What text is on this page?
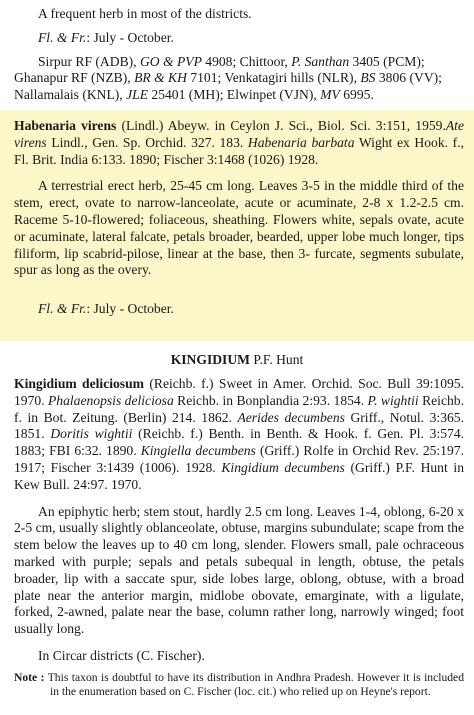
A frequent herb in most of the districts.

Fl. & Fr.: July - October.

Sirpur RF (ADB), GO & PVP 4908; Chittoor, P. Santhan 3405 (PCM);
Ghanapur RF (NZB), BR & KH 7101; Venkatagiri hills (NLR), BS 3806 (VV);
Nallamalais (KNL), JLE 25401 (MH); Elwinpet (VJN), MV 6995.

Habenaria virens (Lindl.) Abeyw. in Ceylon J. Sci., Biol. Sci. 3:151, 1959.Ate virens Lindl., Gen. Sp. Orchid. 327. 183. Habenaria barbata Wight ex Hook. f., Fl. Brit. India 6:133. 1890; Fischer 3:1468 (1026) 1928.

A terrestrial erect herb, 25-45 cm long. Leaves 3-5 in the middle third of the stem, erect, ovate to narrow-lanceolate, acute or acuminate, 2-8 x 1.2-2.5 cm. Raceme 5-10-flowered; foliaceous, sheathing. Flowers white, sepals ovate, acute or acuminate, lateral falcate, petals broader, bearded, upper lobe much longer, tips filiform, lip scabrid-pilose, linear at the base, then 3- furcate, segments subulate, spur as long as the overy.

Fl. & Fr.: July - October.

KINGIDIUM P.F. Hunt

Kingidium deliciosum (Reichb. f.) Sweet in Amer. Orchid. Soc. Bull 39:1095. 1970. Phalaenopsis deliciosa Reichb. in Bonplandia 2:93. 1854. P. wightii Reichb. f. in Bot. Zeitung. (Berlin) 214. 1862. Aerides decumbens Griff., Notul. 3:365. 1851. Doritis wightii (Reichb. f.) Benth. in Benth. & Hook. f. Gen. Pl. 3:574. 1883; FBI 6:32. 1890. Kingiella decumbens (Griff.) Rolfe in Orchid Rev. 25:197. 1917; Fischer 3:1439 (1006). 1928. Kingidium decumbens (Griff.) P.F. Hunt in Kew Bull. 24:97. 1970.

An epiphytic herb; stem stout, hardly 2.5 cm long. Leaves 1-4, oblong, 6-20 x 2-5 cm, usually slightly oblanceolate, obtuse, margins subundulate; scape from the stem below the leaves up to 40 cm long, slender. Flowers small, pale ochraceous marked with purple; sepals and petals subequal in length, obtuse, the petals broader, lip with a saccate spur, side lobes large, oblong, obtuse, with a broad plate near the anterior margin, midlobe obovate, emarginate, with a ligulate, forked, 2-awned, palate near the base, column rather long, narrowly winged; foot usually long.

In Circar districts (C. Fischer).

Note : This taxon is doubtful to have its distribution in Andhra Pradesh. However it is included in the enumeration based on C. Fischer (loc. cit.) who relied up on Heyne's report.
